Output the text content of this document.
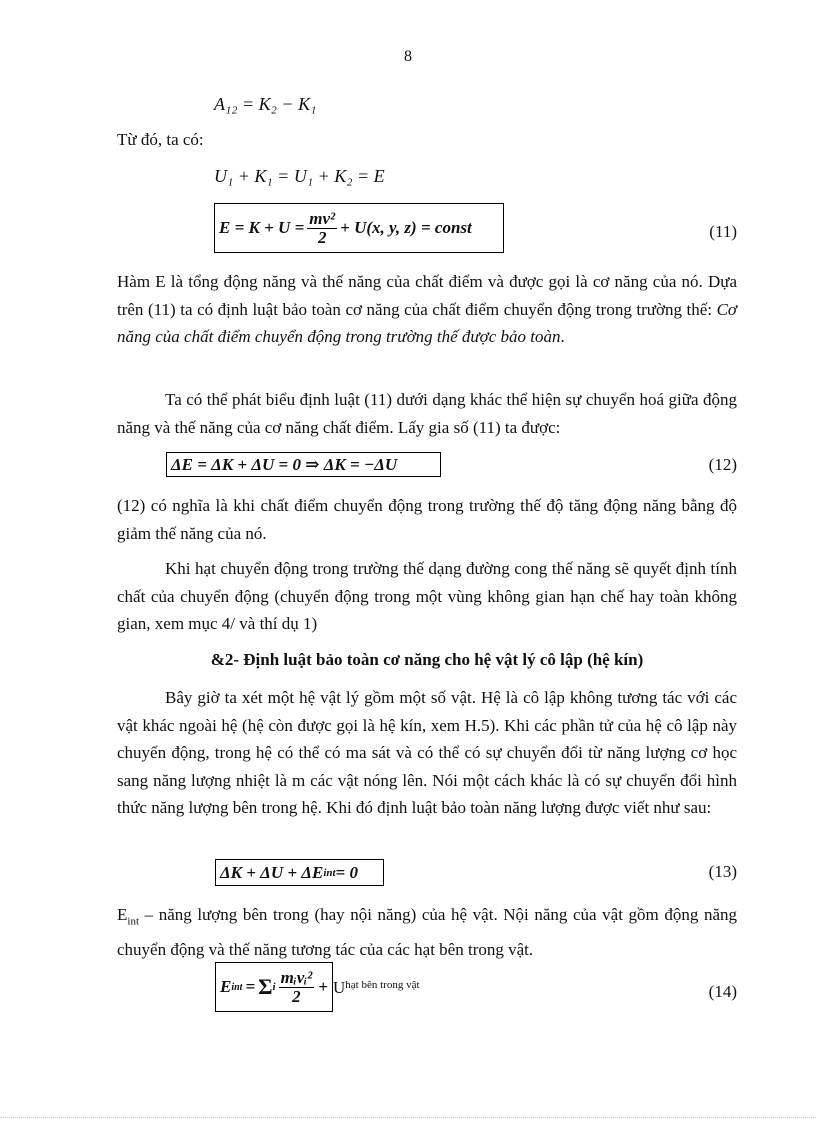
8
A₁₂ = K₂ − K₁
Từ đó, ta có:
U₁ + K₁ = U₁ + K₂ = E
$E = K + U = \frac{\text{mv²}}{2} + U(x$, y, z) = const	(11)
Hàm E là tổng động năng và thế năng của chất điểm và được gọi là cơ năng của nó. Dựa trên (11) ta có định luật bảo toàn cơ năng của chất điểm chuyển động trong trường thế: Cơ năng của chất điểm chuyển động trong trường thế được bảo toàn.
Ta có thể phát biểu định luật (11) dưới dạng khác thể hiện sự chuyển hoá giữa động năng và thế năng của cơ năng chất điểm. Lấy gia số (11) ta được:
ΔE = ΔK + ΔU = 0 ⇒ ΔK = −ΔU	(12)
(12) có nghĩa là khi chất điểm chuyển động trong trường thế độ tăng động năng bằng độ giảm thế năng của nó.
Khi hạt chuyển động trong trường thế dạng đường cong thế năng sẽ quyết định tính chất của chuyển động (chuyển động trong một vùng không gian hạn chế hay toàn không gian, xem mục 4/ và thí dụ 1)
&2- Định luật bảo toàn cơ năng cho hệ vật lý cô lập (hệ kín)
Bây giờ ta xét một hệ vật lý gồm một số vật. Hệ là cô lập không tương tác với các vật khác ngoài hệ (hệ còn được gọi là hệ kín, xem H.5). Khi các phần tử của hệ cô lập này chuyển động, trong hệ có thể có ma sát và có thể có sự chuyển đổi từ năng lượng cơ học sang năng lượng nhiệt là m các vật nóng lên. Nói một cách khác là có sự chuyển đổi hình thức năng lượng bên trong hệ. Khi đó định luật bảo toàn năng lượng được viết như sau:
ΔK + ΔU + ΔE int = 0	(13)
$E_{int}$ – năng lượng bên trong (hay nội năng) của hệ vật. Nội năng của vật gồm động năng chuyển động và thế năng tương tác của các hạt bên trong vật.
E int = Σ i $\frac{\text{mᵢvᵢ²}}{2} + U^{hạt bên trong vật}$	(14)
